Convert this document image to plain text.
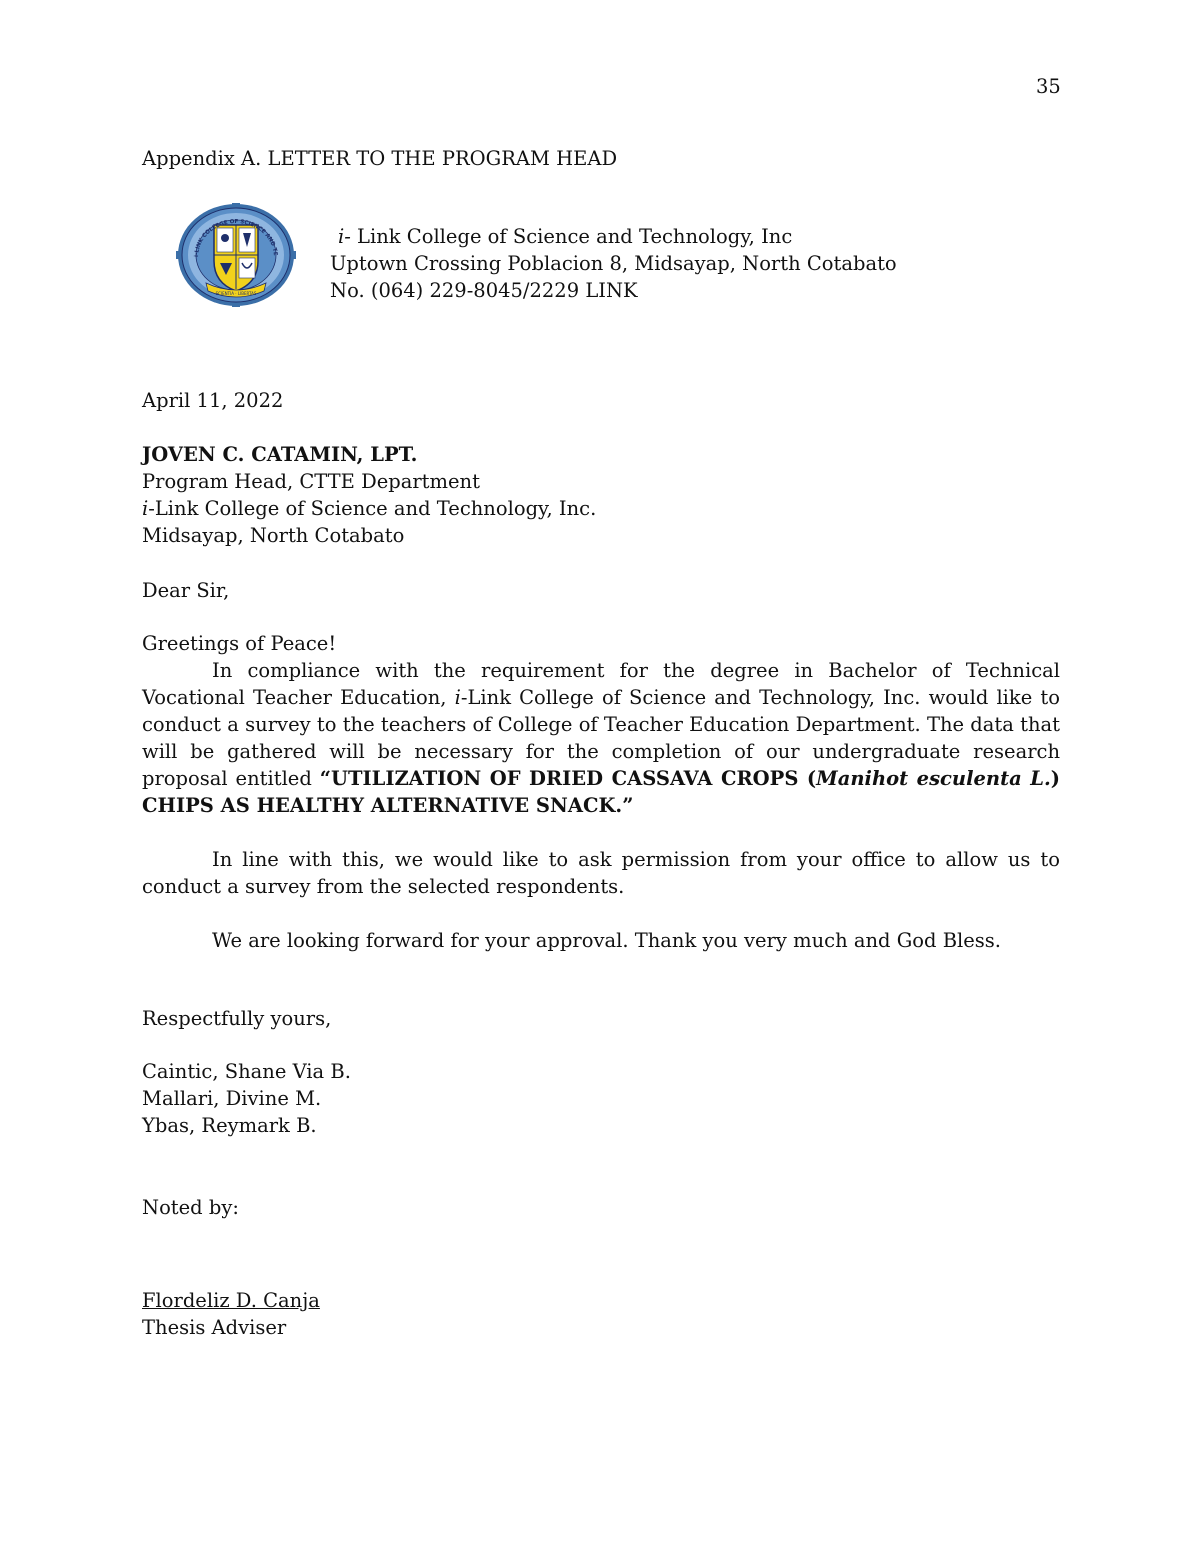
35
Appendix A. LETTER TO THE PROGRAM HEAD
i-LINK COLLEGE OF SCIENCE AND TE
SCIENTIA · LIBERTAS
i- Link College of Science and Technology, Inc
Uptown Crossing Poblacion 8, Midsayap, North Cotabato
No. (064) 229-8045/2229 LINK
April 11, 2022
JOVEN C. CATAMIN, LPT.
Program Head, CTTE Department
i-Link College of Science and Technology, Inc.
Midsayap, North Cotabato
Dear Sir,
Greetings of Peace!

In compliance with the requirement for the degree in Bachelor of Technical Vocational Teacher Education, i-Link College of Science and Technology, Inc. would like to conduct a survey to the teachers of College of Teacher Education Department. The data that will be gathered will be necessary for the completion of our undergraduate research proposal entitled “UTILIZATION OF DRIED CASSAVA CROPS (Manihot esculenta L.) CHIPS AS HEALTHY ALTERNATIVE SNACK.”

In line with this, we would like to ask permission from your office to allow us to conduct a survey from the selected respondents.

We are looking forward for your approval. Thank you very much and God Bless.

Respectfully yours,
Caintic, Shane Via B.
Mallari, Divine M.
Ybas, Reymark B.
Noted by:
Flordeliz D. Canja
Thesis Adviser
